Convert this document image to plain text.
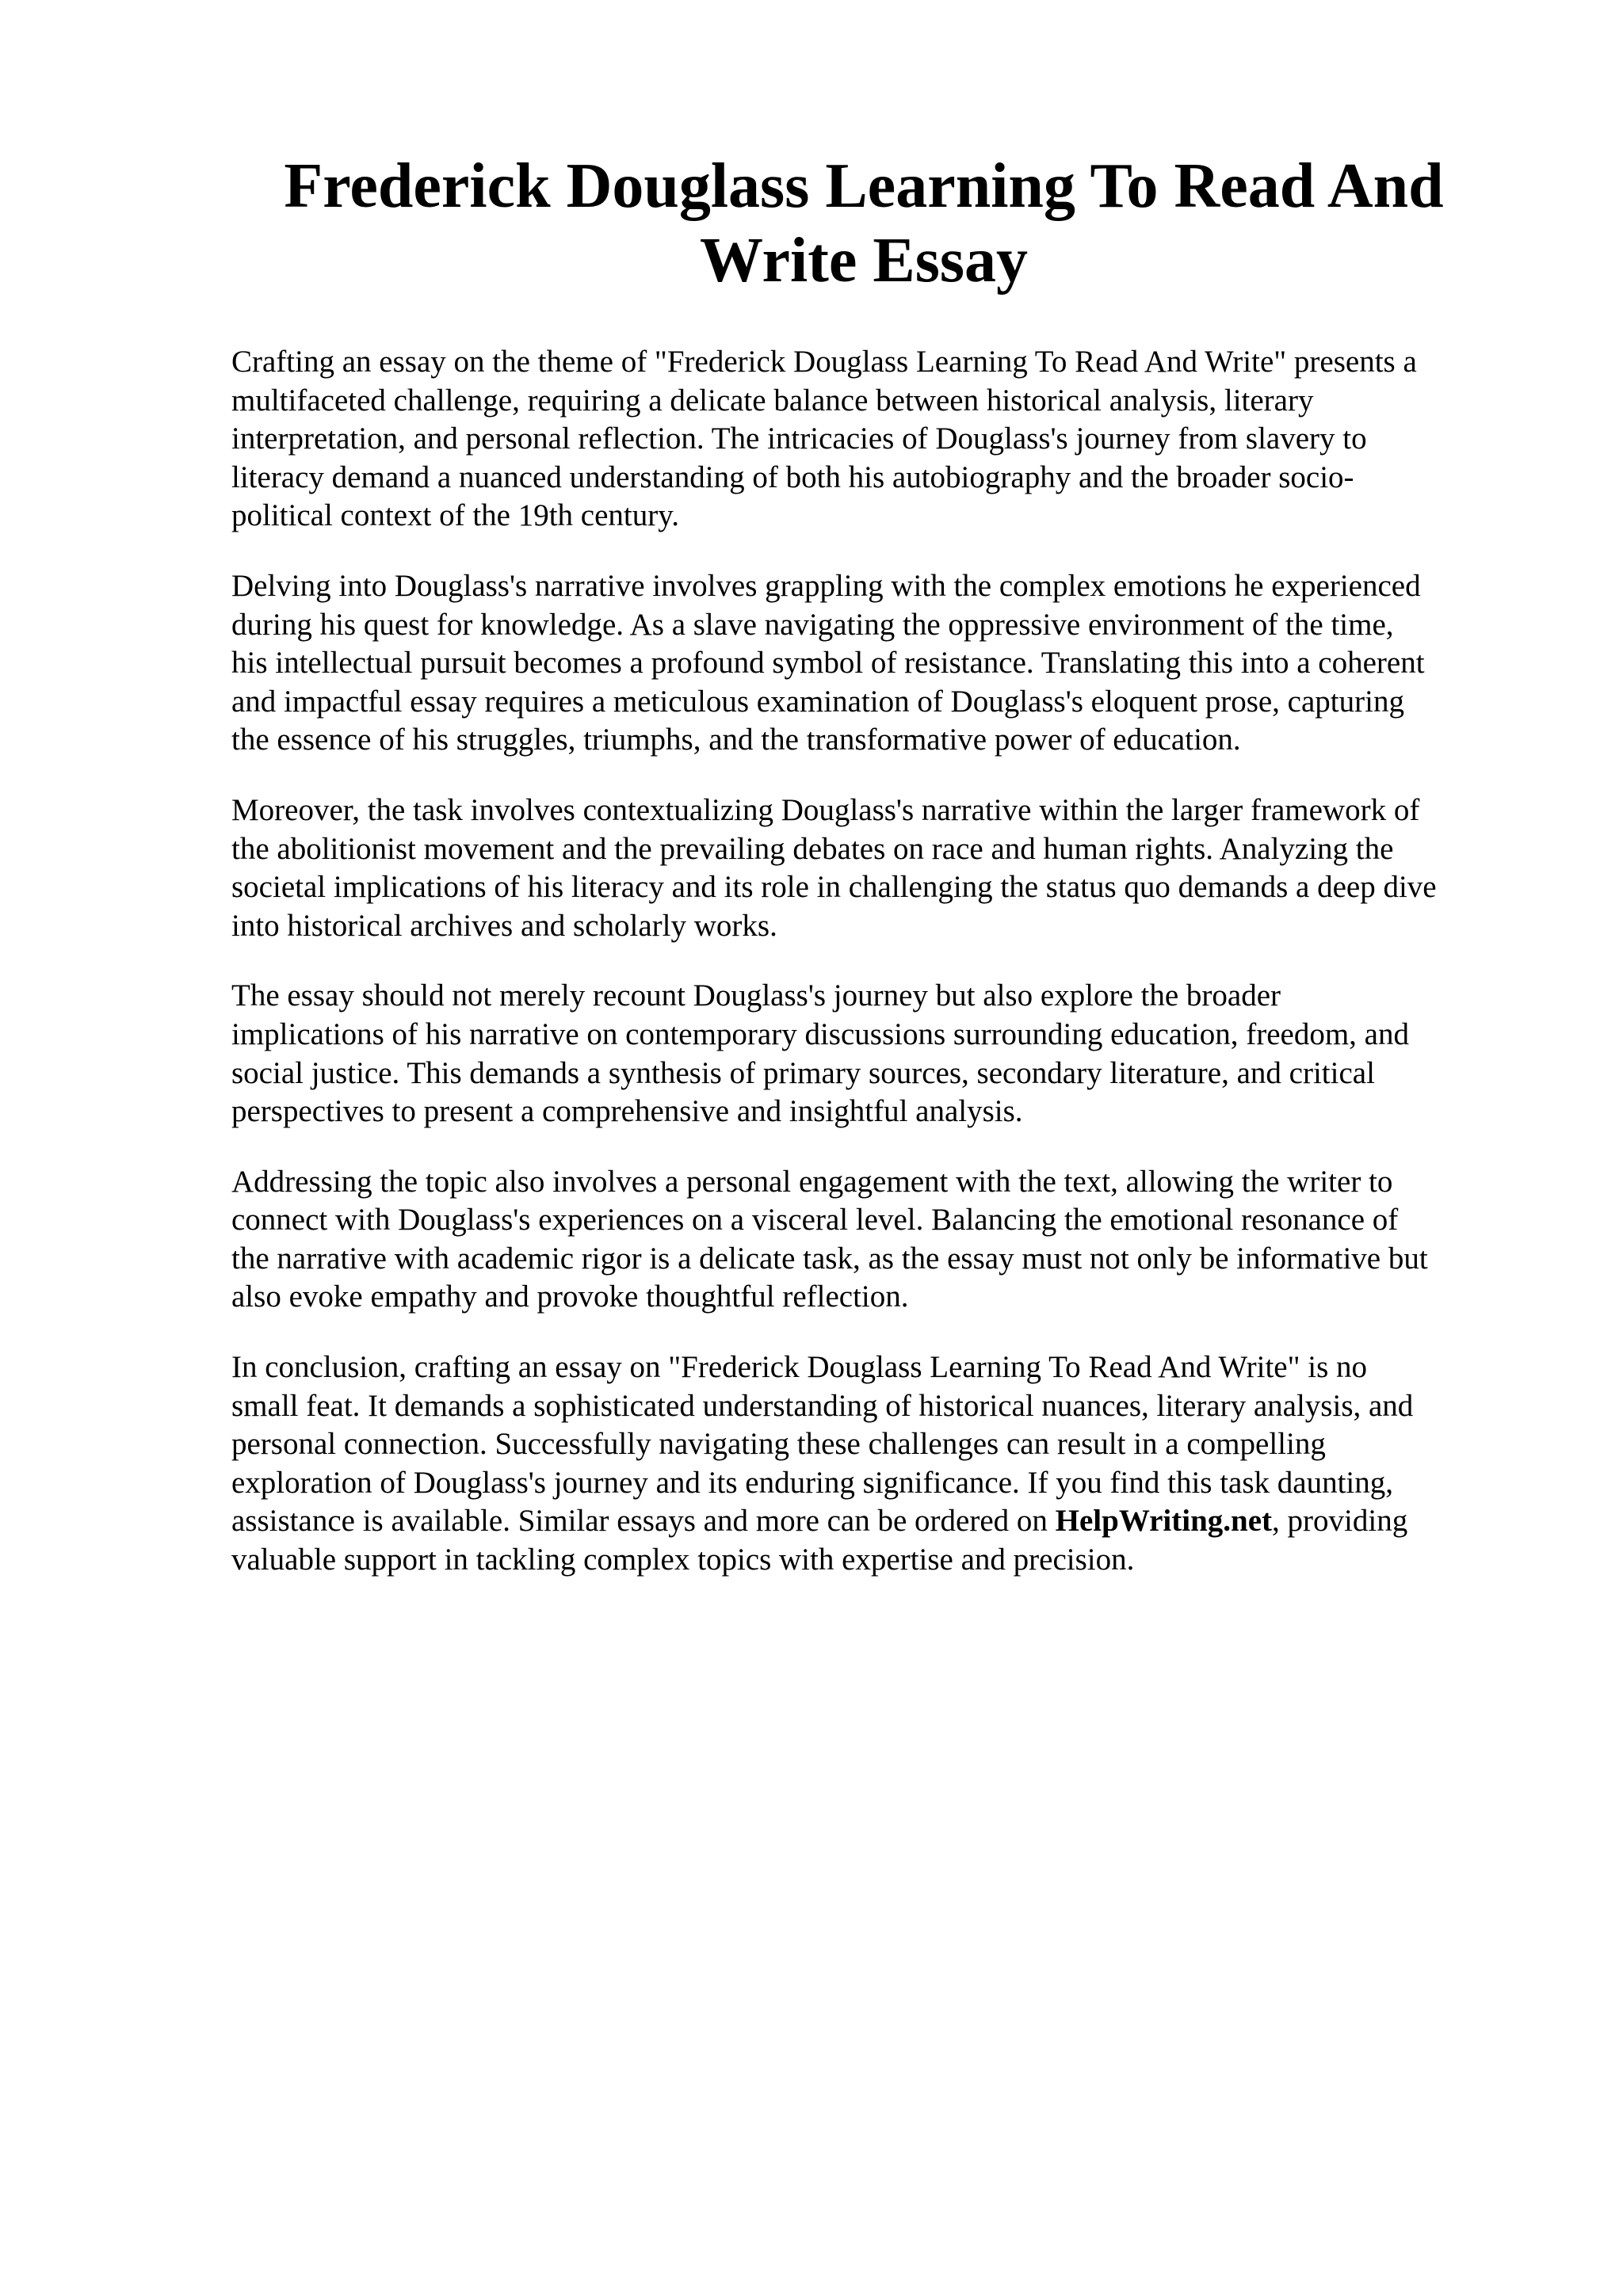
Frederick Douglass Learning To Read And Write Essay

Crafting an essay on the theme of "Frederick Douglass Learning To Read And Write" presents a
multifaceted challenge, requiring a delicate balance between historical analysis, literary
interpretation, and personal reflection. The intricacies of Douglass's journey from slavery to
literacy demand a nuanced understanding of both his autobiography and the broader socio-
political context of the 19th century.

Delving into Douglass's narrative involves grappling with the complex emotions he experienced
during his quest for knowledge. As a slave navigating the oppressive environment of the time,
his intellectual pursuit becomes a profound symbol of resistance. Translating this into a coherent
and impactful essay requires a meticulous examination of Douglass's eloquent prose, capturing
the essence of his struggles, triumphs, and the transformative power of education.

Moreover, the task involves contextualizing Douglass's narrative within the larger framework of
the abolitionist movement and the prevailing debates on race and human rights. Analyzing the
societal implications of his literacy and its role in challenging the status quo demands a deep dive
into historical archives and scholarly works.

The essay should not merely recount Douglass's journey but also explore the broader
implications of his narrative on contemporary discussions surrounding education, freedom, and
social justice. This demands a synthesis of primary sources, secondary literature, and critical
perspectives to present a comprehensive and insightful analysis.

Addressing the topic also involves a personal engagement with the text, allowing the writer to
connect with Douglass's experiences on a visceral level. Balancing the emotional resonance of
the narrative with academic rigor is a delicate task, as the essay must not only be informative but
also evoke empathy and provoke thoughtful reflection.

In conclusion, crafting an essay on "Frederick Douglass Learning To Read And Write" is no
small feat. It demands a sophisticated understanding of historical nuances, literary analysis, and
personal connection. Successfully navigating these challenges can result in a compelling
exploration of Douglass's journey and its enduring significance. If you find this task daunting,
assistance is available. Similar essays and more can be ordered on HelpWriting.net, providing
valuable support in tackling complex topics with expertise and precision.
